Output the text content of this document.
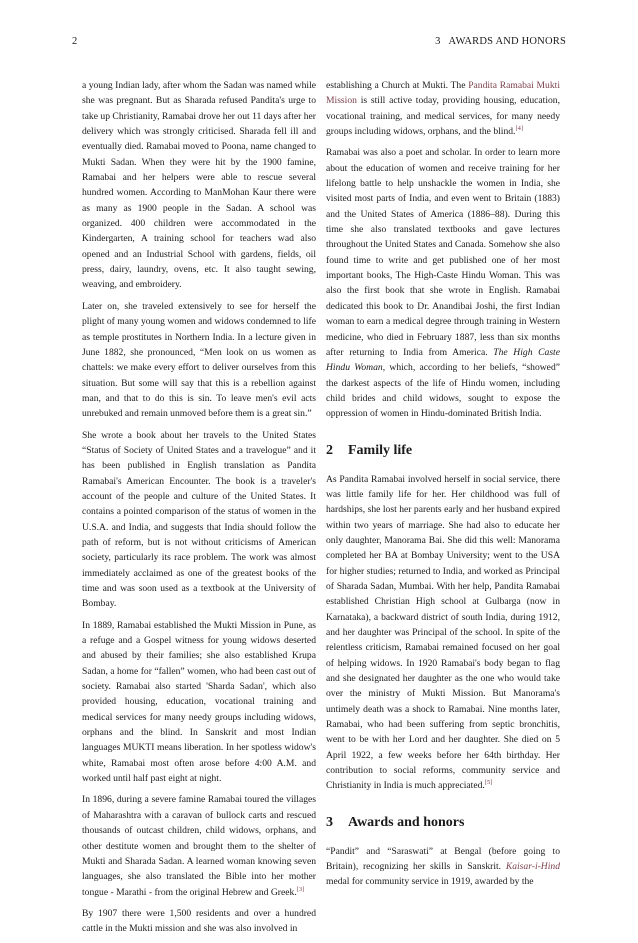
2	3   AWARDS AND HONORS

a young Indian lady, after whom the Sadan was named while she was pregnant. But as Sharada refused Pandita's urge to take up Christianity, Ramabai drove her out 11 days after her delivery which was strongly criticised. Sharada fell ill and eventually died. Ramabai moved to Poona, name changed to Mukti Sadan. When they were hit by the 1900 famine, Ramabai and her helpers were able to rescue several hundred women. According to ManMohan Kaur there were as many as 1900 people in the Sadan. A school was organized. 400 children were accommodated in the Kindergarten, A training school for teachers wad also opened and an Industrial School with gardens, fields, oil press, dairy, laundry, ovens, etc. It also taught sewing, weaving, and embroidery.

Later on, she traveled extensively to see for herself the plight of many young women and widows condemned to life as temple prostitutes in Northern India. In a lecture given in June 1882, she pronounced, “Men look on us women as chattels: we make every effort to deliver ourselves from this situation. But some will say that this is a rebellion against man, and that to do this is sin. To leave men's evil acts unrebuked and remain unmoved before them is a great sin.”

She wrote a book about her travels to the United States “Status of Society of United States and a travelogue” and it has been published in English translation as Pandita Ramabai's American Encounter. The book is a traveler's account of the people and culture of the United States. It contains a pointed comparison of the status of women in the U.S.A. and India, and suggests that India should follow the path of reform, but is not without criticisms of American society, particularly its race problem. The work was almost immediately acclaimed as one of the greatest books of the time and was soon used as a textbook at the University of Bombay.

In 1889, Ramabai established the Mukti Mission in Pune, as a refuge and a Gospel witness for young widows deserted and abused by their families; she also established Krupa Sadan, a home for “fallen” women, who had been cast out of society. Ramabai also started 'Sharda Sadan', which also provided housing, education, vocational training and medical services for many needy groups including widows, orphans and the blind. In Sanskrit and most Indian languages MUKTI means liberation. In her spotless widow's white, Ramabai most often arose before 4:00 A.M. and worked until half past eight at night.

In 1896, during a severe famine Ramabai toured the villages of Maharashtra with a caravan of bullock carts and rescued thousands of outcast children, child widows, orphans, and other destitute women and brought them to the shelter of Mukti and Sharada Sadan. A learned woman knowing seven languages, she also translated the Bible into her mother tongue - Marathi - from the original Hebrew and Greek.[3]

By 1907 there were 1,500 residents and over a hundred cattle in the Mukti mission and she was also involved in

establishing a Church at Mukti. The Pandita Ramabai Mukti Mission is still active today, providing housing, education, vocational training, and medical services, for many needy groups including widows, orphans, and the blind.[4]

Ramabai was also a poet and scholar. In order to learn more about the education of women and receive training for her lifelong battle to help unshackle the women in India, she visited most parts of India, and even went to Britain (1883) and the United States of America (1886–88). During this time she also translated textbooks and gave lectures throughout the United States and Canada. Somehow she also found time to write and get published one of her most important books, The High-Caste Hindu Woman. This was also the first book that she wrote in English. Ramabai dedicated this book to Dr. Anandibai Joshi, the first Indian woman to earn a medical degree through training in Western medicine, who died in February 1887, less than six months after returning to India from America. The High Caste Hindu Woman, which, according to her beliefs, “showed” the darkest aspects of the life of Hindu women, including child brides and child widows, sought to expose the oppression of women in Hindu-dominated British India.

2 Family life

As Pandita Ramabai involved herself in social service, there was little family life for her. Her childhood was full of hardships, she lost her parents early and her husband expired within two years of marriage. She had also to educate her only daughter, Manorama Bai. She did this well: Manorama completed her BA at Bombay University; went to the USA for higher studies; returned to India, and worked as Principal of Sharada Sadan, Mumbai. With her help, Pandita Ramabai established Christian High school at Gulbarga (now in Karnataka), a backward district of south India, during 1912, and her daughter was Principal of the school. In spite of the relentless criticism, Ramabai remained focused on her goal of helping widows. In 1920 Ramabai's body began to flag and she designated her daughter as the one who would take over the ministry of Mukti Mission. But Manorama's untimely death was a shock to Ramabai. Nine months later, Ramabai, who had been suffering from septic bronchitis, went to be with her Lord and her daughter. She died on 5 April 1922, a few weeks before her 64th birthday. Her contribution to social reforms, community service and Christianity in India is much appreciated.[5]

3 Awards and honors

“Pandit” and “Saraswati” at Bengal (before going to Britain), recognizing her skills in Sanskrit. Kaisar-i-Hind medal for community service in 1919, awarded by the
